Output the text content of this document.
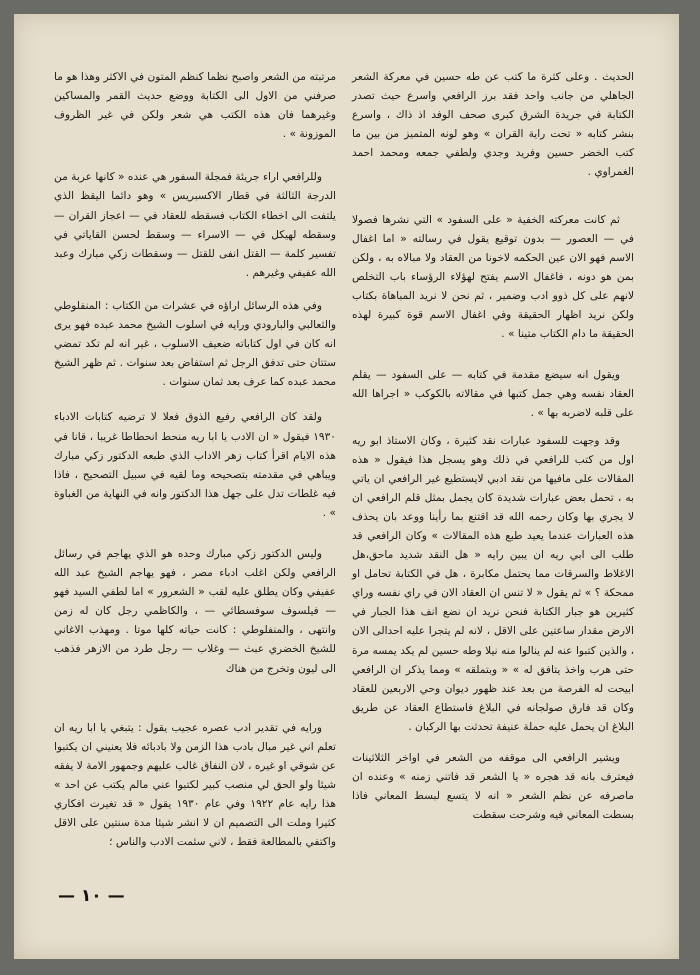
الحديث . وعلى كثرة ما كتب عن طه حسين في معركة الشعر الجاهلي من جانب واحد فقد برز الرافعي واسرع حيث تصدر الكتابة في جريدة الشرق كبرى صحف الوفد اذ ذاك ، واسرع بنشر كتابه « تحت راية القران » وهو لونه المتميز من بين ما كتب الخضر حسين وفريد وجدي ولطفي جمعه ومحمد احمد الغمراوي .

ثم كانت معركته الخفية « على السفود » التي نشرها فصولا في — العصور — بدون توقيع يقول في رسالته « اما اغفال الاسم فهو الان عين الحكمه لاخونا من العقاد ولا مبالاه به ، ولكن بمن هو دونه ، فاغفال الاسم يفتح لهؤلاء الرؤساء باب التخلص لانهم على كل ذوو ادب وضمير ، ثم نحن لا نريد المباهاة بكتاب ولكن نريد اظهار الحقيقة وفي اغفال الاسم قوة كبيرة لهذه الحقيقة ما دام الكتاب متينا » .

ويقول انه سيضع مقدمة في كتابه — على السفود — يقلم العقاد نفسه وهي جمل كتبها في مقالاته بالكوكب « اجراها الله على قلبه لاضربه بها » .

وقد وجهت للسفود عبارات نقد كثيرة ، وكان الاستاذ ابو ريه اول من كتب للرافعي في ذلك وهو يسجل هذا فيقول « هذه المقالات على مافيها من نقد ادبي لايستطيع غير الرافعي ان ياتي به ، تحمل بعض عبارات شديدة كان يجمل بمثل قلم الرافعي ان لا يجري بها وكان رحمه الله قد اقتنع بما رأينا ووعد بان يحذف هذه العبارات عندما يعيد طبع هذه المقالات » وكان الرافعي قد طلب الى ابي ريه ان يبين رايه « هل النقد شديد ماحق،هل الاغلاط والسرقات مما يحتمل مكابرة ، هل في الكتابة تحامل او ممحكة ؟ » ثم يقول « لا تنس ان العقاد الان في راي نفسه وراي كثيرين هو جبار الكتابة فنحن نريد ان نضع انف هذا الجبار في الارض مقدار ساعتين على الاقل ، لانه لم يتجرا عليه احدالى الان ، والذين كتبوا عنه لم ينالوا منه نيلا وطه حسين لم يكد يمسه مرة حتى هرب واخذ يتافق له » « وبتملقه » ومما يذكر ان الرافعي ابيحت له الفرصة من بعد عند ظهور ديوان وحي الاربعين للعقاد وكان قد فارق صولجانه في البلاغ فاستطاع العقاد عن طريق البلاغ ان يحمل عليه حملة عنيفة تحدثت بها الركبان .

ويشير الرافعي الى موقفه من الشعر في اواخر الثلاثينات فيعترف بانه قد هجره « يا الشعر قد فاتني زمنه » وعنده ان ماصرفه عن نظم الشعر « انه لا يتسع لبسط المعاني فاذا بسطت المعاني فيه وشرحت سقطت

مرتبته من الشعر واصبح نظما كنظم المتون في الاكثر وهذا هو ما صرفني من الاول الى الكتابة ووضع حديث القمر والمساكين وغيرهما فان هذه الكتب هي شعر ولكن في غير الظروف الموزونة » .

وللرافعي اراء جريئة فمجلة السفور هي عنده « كانها عربة من الدرجة الثالثة في قطار الاكسبريس » وهو دائما اليقظ الذي يلتفت الى اخطاء الكتاب فسقطه للعقاد في — اعجاز القران — وسقطه لهيكل في — الاسراء — وسقط لحسن القاياتي في تفسير كلمة — القتل انفى للقتل — وسقطات زكي مبارك وعبد الله عفيفي وغيرهم .

وفي هذه الرسائل اراؤه في عشرات من الكتاب : المنفلوطي والثعالبي والبارودي ورايه في اسلوب الشيخ محمد عبده فهو يرى انه كان في اول كتاباته ضعيف الاسلوب ، غير انه لم تكد تمضي ستتان حتى تدفق الرجل ثم استفاض بعد سنوات . ثم ظهر الشيخ محمد عبده كما عرف بعد ثمان سنوات .

ولقد كان الرافعي رفيع الذوق فعلا لا ترضيه كتابات الادباء ١٩٣٠ فيقول « ان الادب يا ابا ريه منحط انحطاطا غريبا ، قانا في هذه الايام اقرأ كتاب زهر الاداب الذي طبعه الدكتور زكي مبارك ويباهي في مقدمته بتصحيحه وما لقيه في سبيل التصحيح ، فاذا فيه غلطات تدل على جهل هذا الدكتور وانه في النهاية من الغباوة » .

وليس الدكتور زكي مبارك وحده هو الذي يهاجم في رسائل الرافعي ولكن اغلب ادباء مصر ، فهو يهاجم الشيخ عبد الله عفيفي وكان يطلق عليه لقب « الشعرور » اما لطفي السيد فهو — فيلسوف سوفسطائي — ، والكاظمي رجل كان له زمن وانتهى ، والمنفلوطي : كانت حياته كلها موتا . ومهذب الاغاني للشيخ الخضري عبث — وغلاب — رجل طرد من الازهر فذهب الى ليون وتخرج من هناك

ورايه في تقدير ادب عصره عجيب يقول : يتبغي يا ابا ريه ان تعلم اني غير مبال بادب هذا الزمن ولا بادبائه فلا يعنيني ان يكتبوا عن شوقي او غيره ، لان النفاق غالب عليهم وجمهور الامة لا يفقه شيئا ولو الحق لي منصب كبير لكتبوا عني مالم يكتب عن احد » هذا رايه عام ١٩٢٢ وفي عام ١٩٣٠ يقول « قد تغيرت افكاري كثيرا وملت الى التصميم ان لا انشر شيئا مدة سنتين على الاقل واكتفي بالمطالعة فقط ، لاني سئمت الادب والناس ؛

— ١٠ —
